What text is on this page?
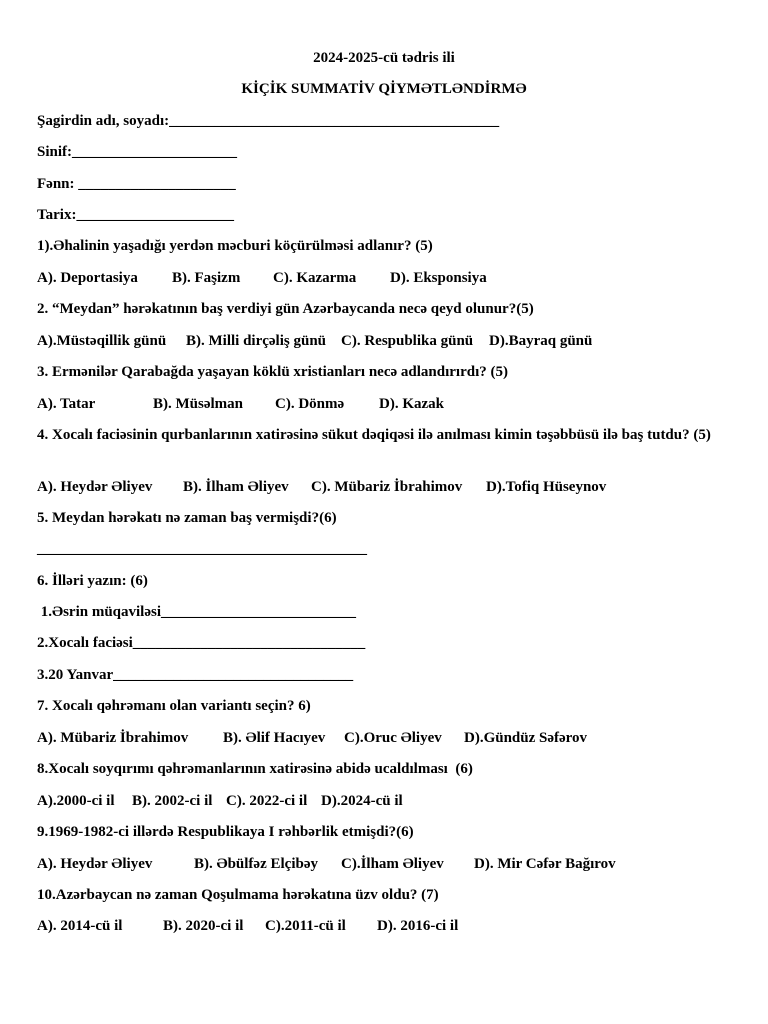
2024-2025-cü tədris ili
KİÇİK SUMMATİV QİYMƏTLƏNDİRMƏ
Şagirdin adı, soyadı:____________________________________________
Sinif:______________________
Fənn: _____________________
Tarix:_____________________
1).Əhalinin yaşadığı yerdən məcburi köçürülməsi adlanır? (5)
A). Deportasiya B). Faşizm C). Kazarma D). Eksponsiya
2. “Meydan” hərəkatının baş verdiyi gün Azərbaycanda necə qeyd olunur?(5)
A).Müstəqillik günü B). Milli dirçəliş günü C). Respublika günü D).Bayraq günü
3. Ermənilər Qarabağda yaşayan köklü xristianları necə adlandırırdı? (5)
A). Tatar	B). Müsəlman C). Dönmə D). Kazak
4. Xocalı faciəsinin qurbanlarının xatirəsinə sükut dəqiqəsi ilə anılması kimin təşəbbüsü ilə baş tutdu? (5)
A). Heydər Əliyev B). İlham Əliyev C). Mübariz İbrahimov D).Tofiq Hüseynov
5. Meydan hərəkatı nə zaman baş vermişdi?(6)
____________________________________________
6. İlləri yazın: (6)
1.Əsrin müqaviləsi__________________________
2.Xocalı faciəsi_______________________________
3.20 Yanvar________________________________
7. Xocalı qəhrəmanı olan variantı seçin? 6)
A). Mübariz İbrahimov B). Əlif Hacıyev C).Oruc Əliyev D).Gündüz Səfərov
8.Xocalı soyqırımı qəhrəmanlarının xatirəsinə abidə ucaldılması  (6)
A).2000-ci il B). 2002-ci il C). 2022-ci il D).2024-cü il
9.1969-1982-ci illərdə Respublikaya I rəhbərlik etmişdi?(6)
A). Heydər Əliyev	B). Əbülfəz Elçibəy C).İlham Əliyev D). Mir Cəfər Bağırov
10.Azərbaycan nə zaman Qoşulmama hərəkatına üzv oldu? (7)
A). 2014-cü il	B). 2020-ci il C).2011-cü il D). 2016-ci il
